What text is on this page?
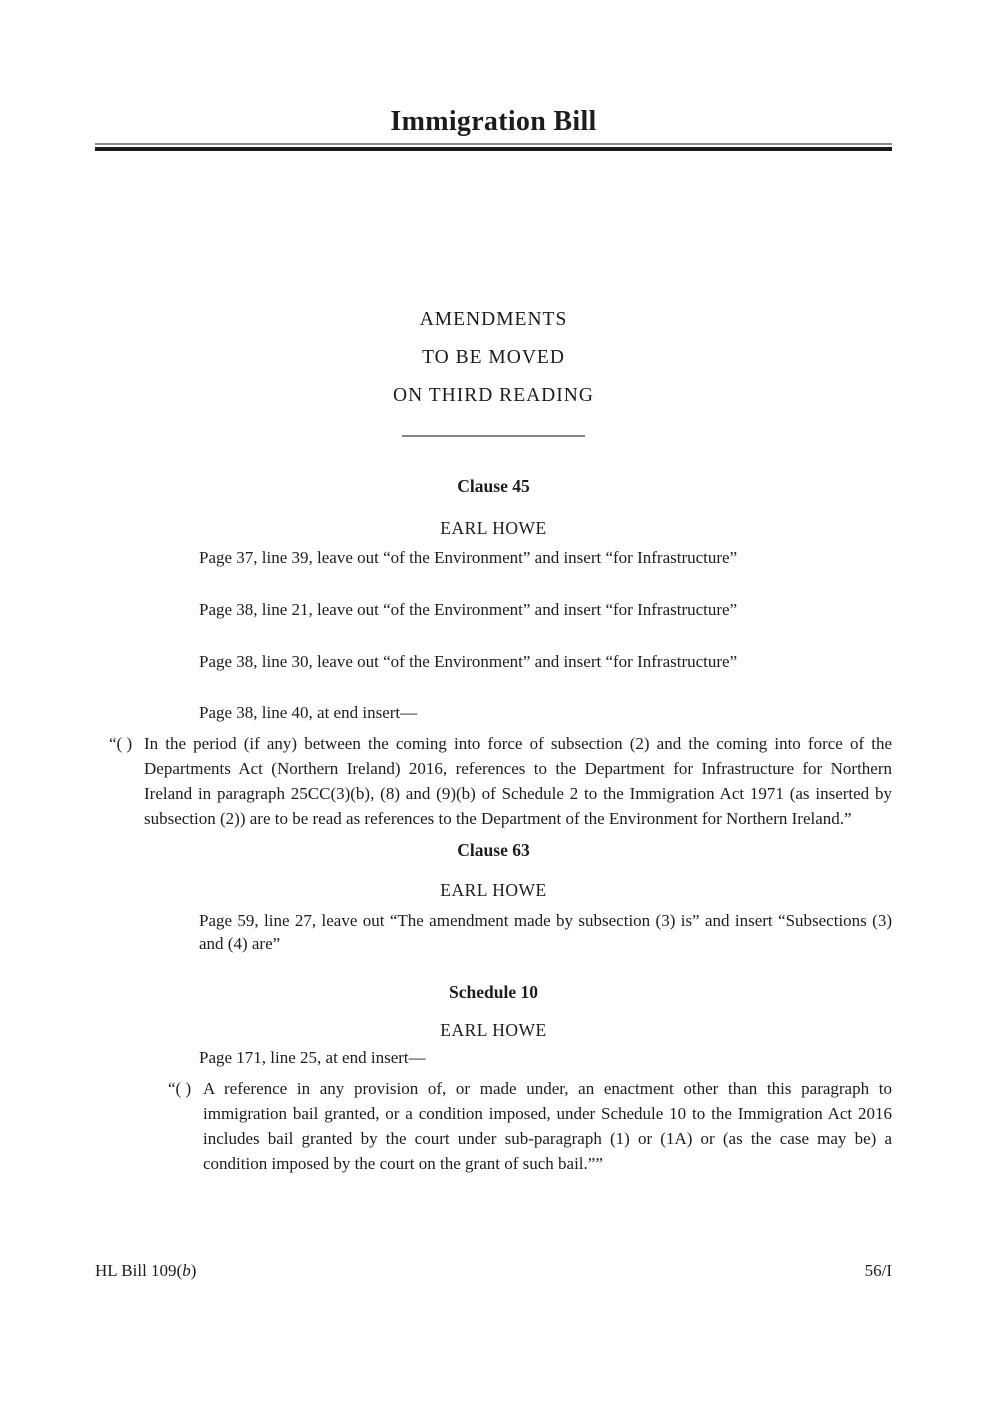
Immigration Bill
AMENDMENTS
TO BE MOVED
ON THIRD READING
Clause 45
EARL HOWE
Page 37, line 39, leave out “of the Environment” and insert “for Infrastructure”
Page 38, line 21, leave out “of the Environment” and insert “for Infrastructure”
Page 38, line 30, leave out “of the Environment” and insert “for Infrastructure”
Page 38, line 40, at end insert—
“( ) In the period (if any) between the coming into force of subsection (2) and the coming into force of the Departments Act (Northern Ireland) 2016, references to the Department for Infrastructure for Northern Ireland in paragraph 25CC(3)(b), (8) and (9)(b) of Schedule 2 to the Immigration Act 1971 (as inserted by subsection (2)) are to be read as references to the Department of the Environment for Northern Ireland.”
Clause 63
EARL HOWE
Page 59, line 27, leave out “The amendment made by subsection (3) is” and insert “Subsections (3) and (4) are”
Schedule 10
EARL HOWE
Page 171, line 25, at end insert—
“( ) A reference in any provision of, or made under, an enactment other than this paragraph to immigration bail granted, or a condition imposed, under Schedule 10 to the Immigration Act 2016 includes bail granted by the court under sub-paragraph (1) or (1A) or (as the case may be) a condition imposed by the court on the grant of such bail.””
HL Bill 109(b)	56/I
